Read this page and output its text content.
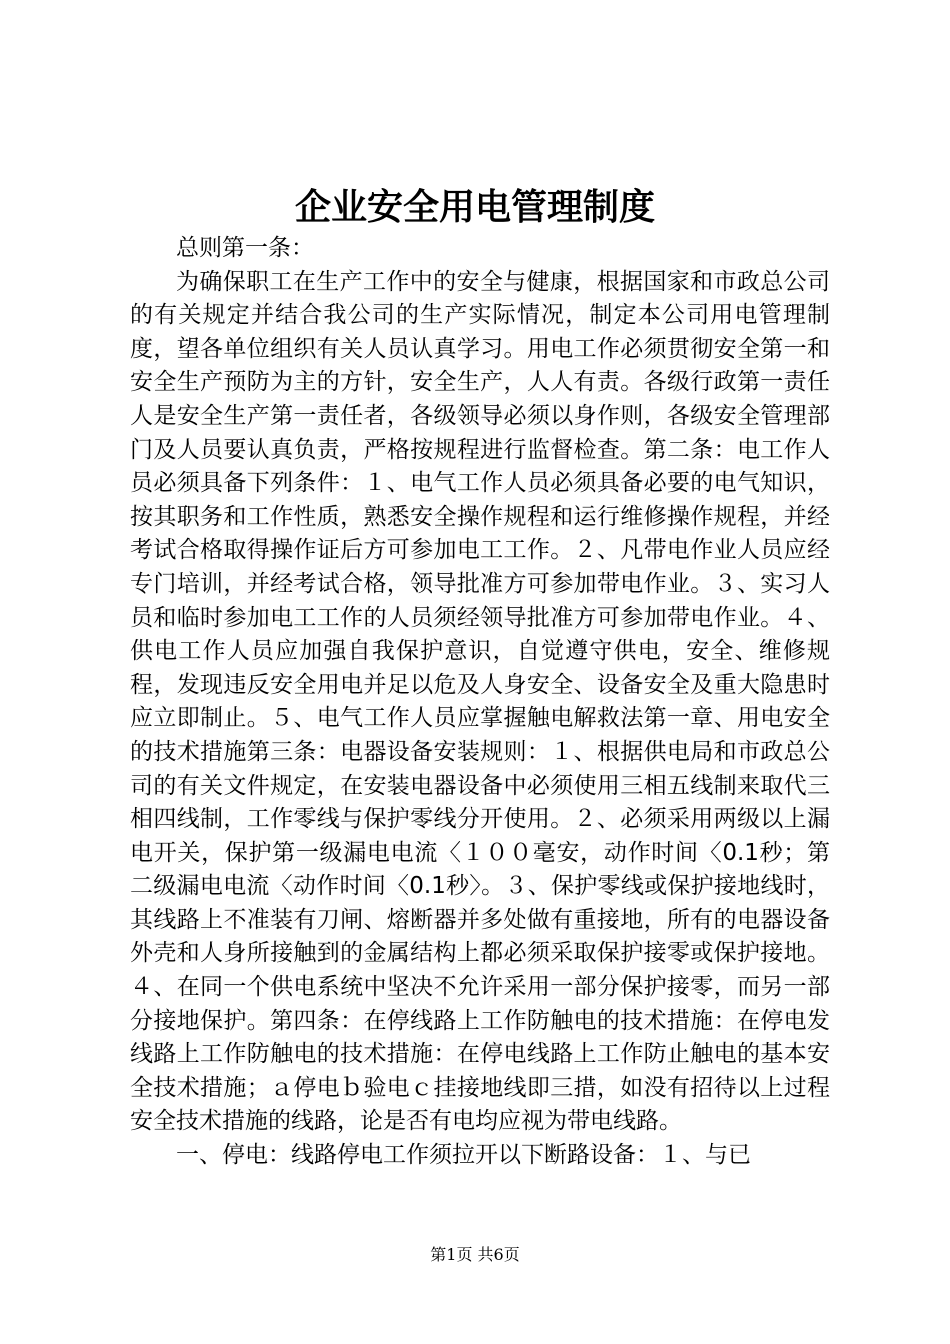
企业安全用电管理制度

总则第一条：

为确保职工在生产工作中的安全与健康，根据国家和市政总公司的有关规定并结合我公司的生产实际情况，制定本公司用电管理制度，望各单位组织有关人员认真学习。用电工作必须贯彻安全第一和安全生产预防为主的方针，安全生产，人人有责。各级行政第一责任人是安全生产第一责任者，各级领导必须以身作则，各级安全管理部门及人员要认真负责，严格按规程进行监督检查。第二条：电工作人员必须具备下列条件：１、电气工作人员必须具备必要的电气知识，按其职务和工作性质，熟悉安全操作规程和运行维修操作规程，并经考试合格取得操作证后方可参加电工工作。２、凡带电作业人员应经专门培训，并经考试合格，领导批准方可参加带电作业。３、实习人员和临时参加电工工作的人员须经领导批准方可参加带电作业。４、供电工作人员应加强自我保护意识，自觉遵守供电，安全、维修规程，发现违反安全用电并足以危及人身安全、设备安全及重大隐患时应立即制止。５、电气工作人员应掌握触电解救法第一章、用电安全的技术措施第三条：电器设备安装规则：１、根据供电局和市政总公司的有关文件规定，在安装电器设备中必须使用三相五线制来取代三相四线制，工作零线与保护零线分开使用。２、必须采用两级以上漏电开关，保护第一级漏电电流〈１００毫安，动作时间〈0.1秒；第二级漏电电流〈动作时间〈0.1秒〉。３、保护零线或保护接地线时，其线路上不准装有刀闸、熔断器并多处做有重接地，所有的电器设备外壳和人身所接触到的金属结构上都必须采取保护接零或保护接地。４、在同一个供电系统中坚决不允许采用一部分保护接零，而另一部分接地保护。第四条：在停线路上工作防触电的技术措施：在停电发线路上工作防触电的技术措施：在停电线路上工作防止触电的基本安全技术措施；ａ停电ｂ验电ｃ挂接地线即三措，如没有招待以上过程安全技术措施的线路，论是否有电均应视为带电线路。

一、停电：线路停电工作须拉开以下断路设备：１、与已

第1页 共6页
